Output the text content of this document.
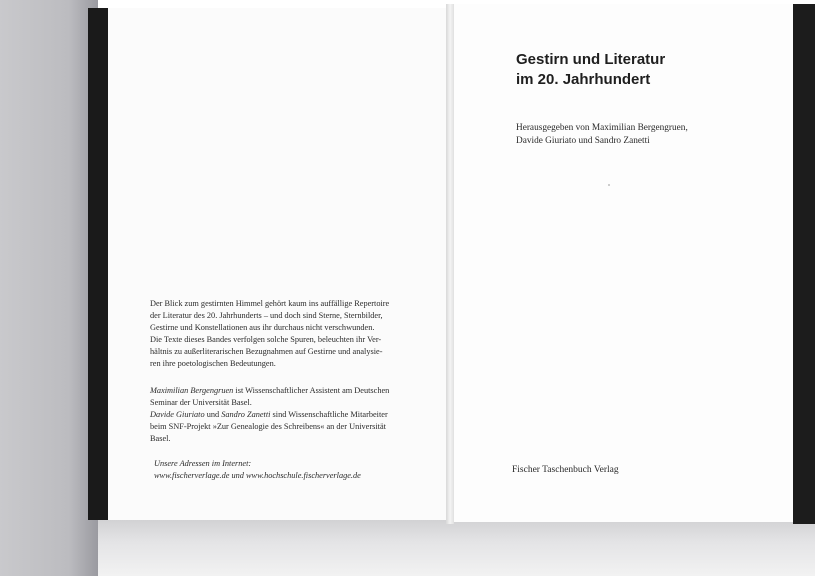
Der Blick zum gestirnten Himmel gehört kaum ins auffällige Repertoire
der Literatur des 20. Jahrhunderts – und doch sind Sterne, Sternbilder,
Gestirne und Konstellationen aus ihr durchaus nicht verschwunden.
Die Texte dieses Bandes verfolgen solche Spuren, beleuchten ihr Ver-
hältnis zu außerliterarischen Bezugnahmen auf Gestirne und analysie-
ren ihre poetologischen Bedeutungen.

Maximilian Bergengruen ist Wissenschaftlicher Assistent am Deutschen

Seminar der Universität Basel.

Davide Giuriato und Sandro Zanetti sind Wissenschaftliche Mitarbeiter

beim SNF-Projekt »Zur Genealogie des Schreibens« an der Universität

Basel.

Unsere Adressen im Internet:
www.fischerverlage.de und www.hochschule.fischerverlage.de
Gestirn und Literatur
im 20. Jahrhundert
Herausgegeben von Maximilian Bergengruen,
Davide Giuriato und Sandro Zanetti
Fischer Taschenbuch Verlag
